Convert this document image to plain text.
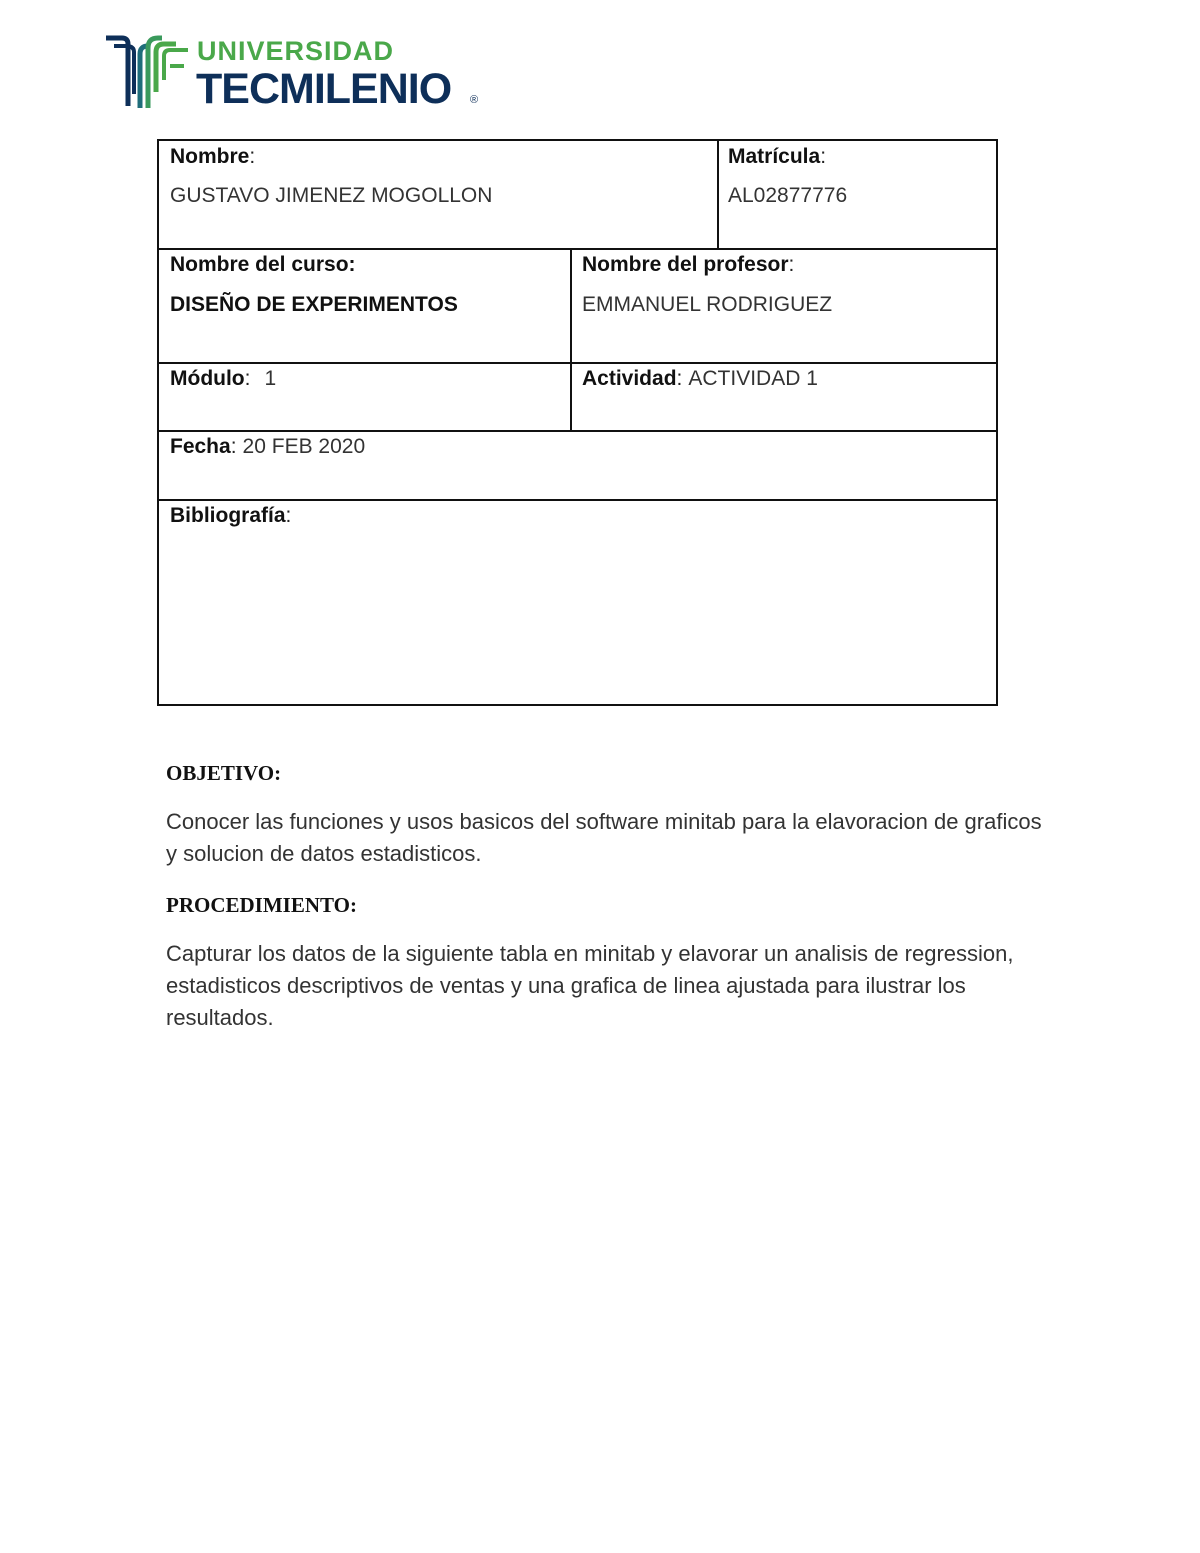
UNIVERSIDAD
TECMILENIO ®
Nombre:
GUSTAVO JIMENEZ MOGOLLON
Matrícula:
AL02877776
Nombre del curso:
DISEÑO DE EXPERIMENTOS
Nombre del profesor:
EMMANUEL RODRIGUEZ
Módulo: 1	Actividad: ACTIVIDAD 1
Fecha: 20 FEB 2020
Bibliografía:
OBJETIVO:
Conocer las funciones y usos basicos del software minitab para la elavoracion de graficos y solucion de datos estadisticos.
PROCEDIMIENTO:
Capturar los datos de la siguiente tabla en minitab y elavorar un analisis de regression, estadisticos descriptivos de ventas y una grafica de linea ajustada para ilustrar los resultados.
